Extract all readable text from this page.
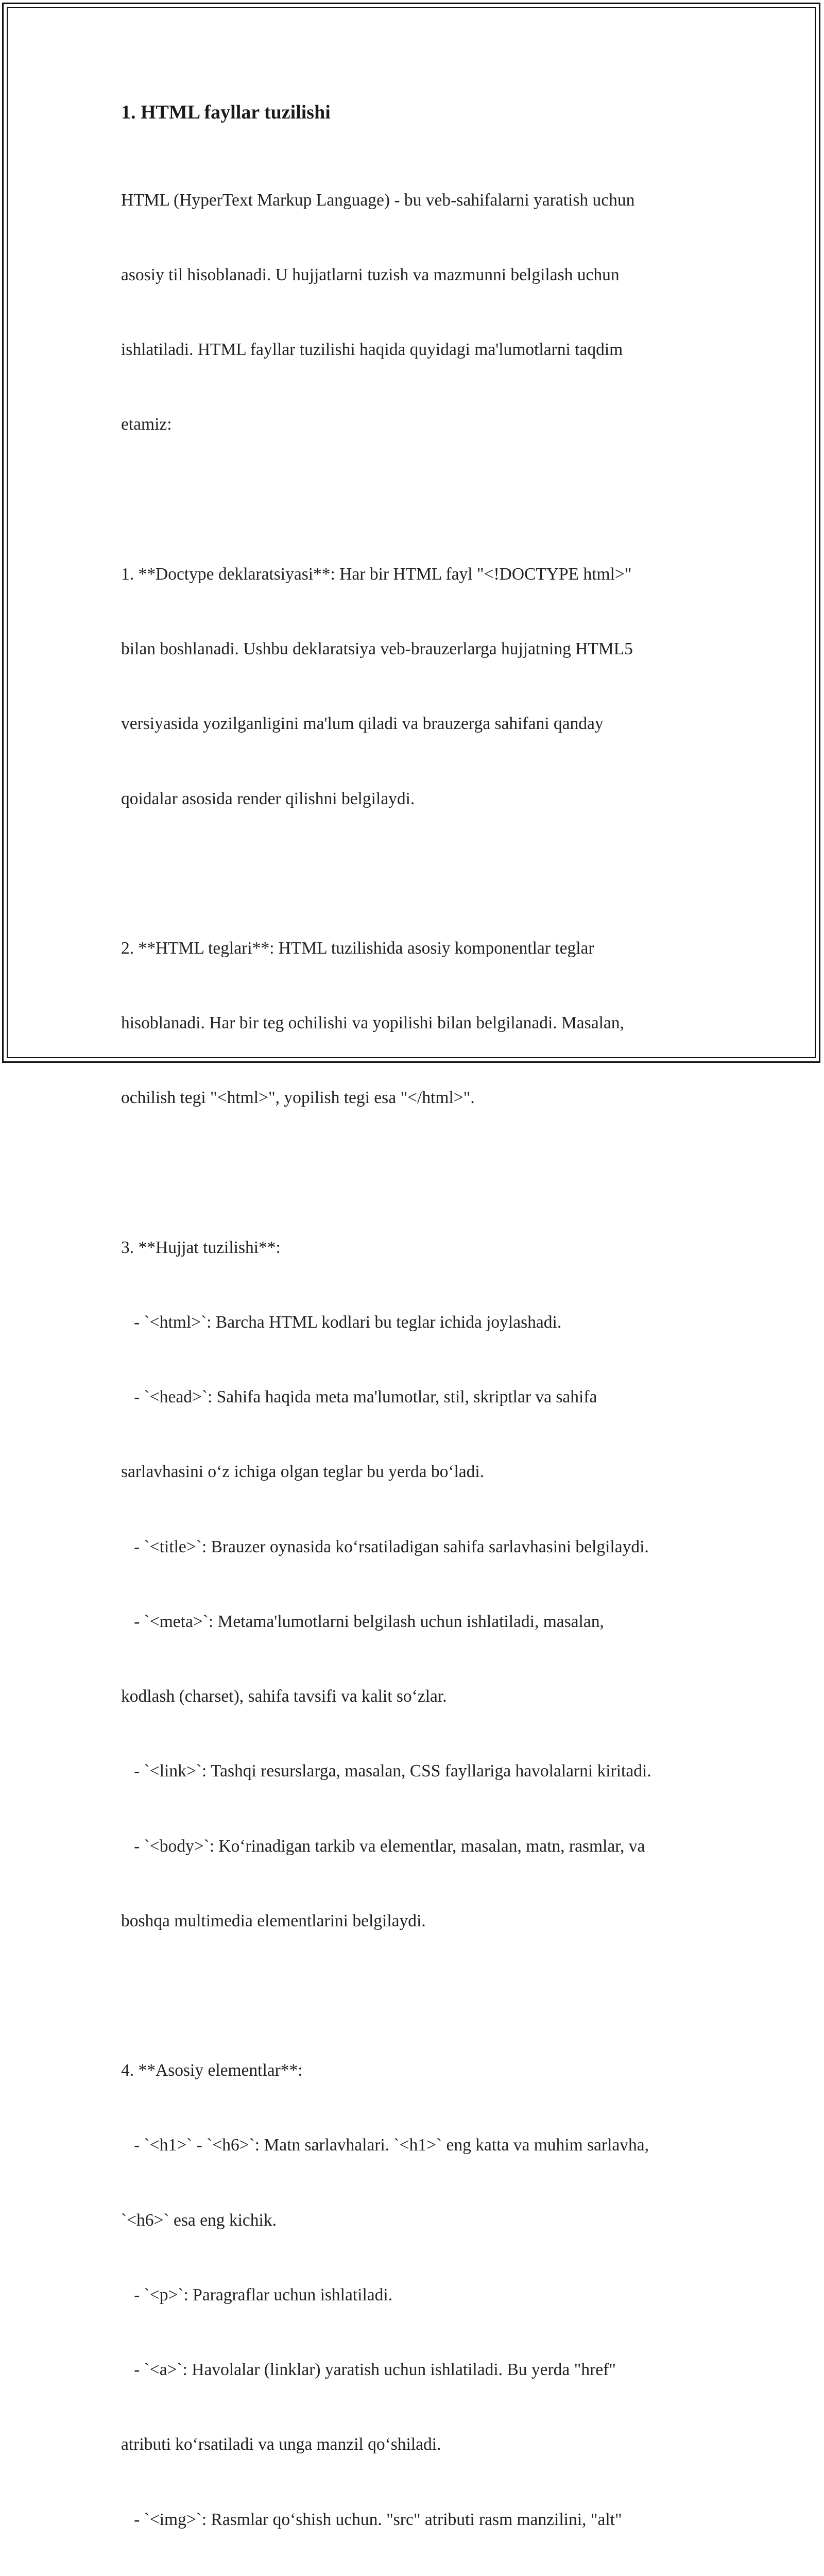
1. HTML fayllar tuzilishi

HTML (HyperText Markup Language) - bu veb-sahifalarni yaratish uchun

asosiy til hisoblanadi. U hujjatlarni tuzish va mazmunni belgilash uchun

ishlatiladi. HTML fayllar tuzilishi haqida quyidagi ma'lumotlarni taqdim

etamiz:

1. **Doctype deklaratsiyasi**: Har bir HTML fayl "<!DOCTYPE html>"

bilan boshlanadi. Ushbu deklaratsiya veb-brauzerlarga hujjatning HTML5

versiyasida yozilganligini ma'lum qiladi va brauzerga sahifani qanday

qoidalar asosida render qilishni belgilaydi.

2. **HTML teglari**: HTML tuzilishida asosiy komponentlar teglar

hisoblanadi. Har bir teg ochilishi va yopilishi bilan belgilanadi. Masalan,

ochilish tegi "<html>", yopilish tegi esa "</html>".

3. **Hujjat tuzilishi**:

- `<html>`: Barcha HTML kodlari bu teglar ichida joylashadi.

- `<head>`: Sahifa haqida meta ma'lumotlar, stil, skriptlar va sahifa

sarlavhasini o‘z ichiga olgan teglar bu yerda bo‘ladi.

- `<title>`: Brauzer oynasida ko‘rsatiladigan sahifa sarlavhasini belgilaydi.

- `<meta>`: Metama'lumotlarni belgilash uchun ishlatiladi, masalan,

kodlash (charset), sahifa tavsifi va kalit so‘zlar.

- `<link>`: Tashqi resurslarga, masalan, CSS fayllariga havolalarni kiritadi.

- `<body>`: Ko‘rinadigan tarkib va elementlar, masalan, matn, rasmlar, va

boshqa multimedia elementlarini belgilaydi.

4. **Asosiy elementlar**:

- `<h1>` - `<h6>`: Matn sarlavhalari. `<h1>` eng katta va muhim sarlavha,

`<h6>` esa eng kichik.

- `<p>`: Paragraflar uchun ishlatiladi.

- `<a>`: Havolalar (linklar) yaratish uchun ishlatiladi. Bu yerda "href"

atributi ko‘rsatiladi va unga manzil qo‘shiladi.

- `<img>`: Rasmlar qo‘shish uchun. "src" atributi rasm manzilini, "alt"
